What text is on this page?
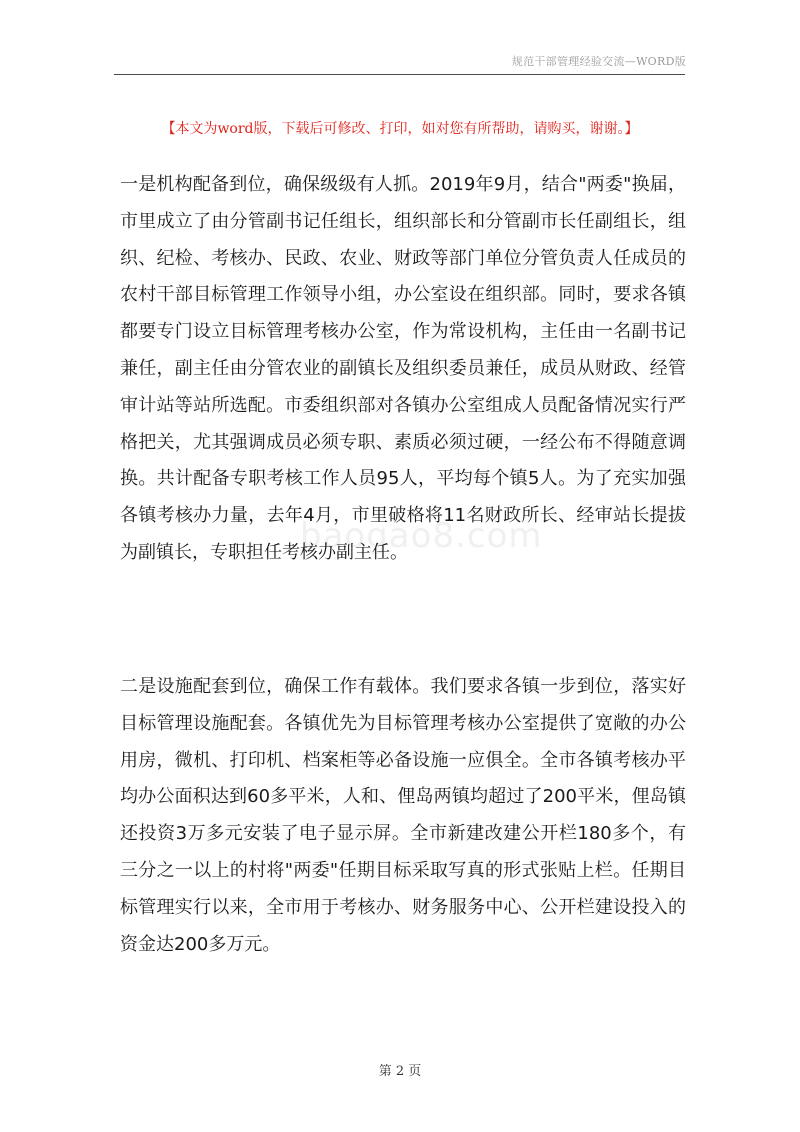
规范干部管理经验交流—WORD版
【本文为word版，下载后可修改、打印，如对您有所帮助，请购买，谢谢。】
baogao8.com

一是机构配备到位，确保级级有人抓。2019年9月，结合"两委"换届，市里成立了由分管副书记任组长，组织部长和分管副市长任副组长，组织、纪检、考核办、民政、农业、财政等部门单位分管负责人任成员的农村干部目标管理工作领导小组，办公室设在组织部。同时，要求各镇都要专门设立目标管理考核办公室，作为常设机构，主任由一名副书记兼任，副主任由分管农业的副镇长及组织委员兼任，成员从财政、经管审计站等站所选配。市委组织部对各镇办公室组成人员配备情况实行严格把关，尤其强调成员必须专职、素质必须过硬，一经公布不得随意调换。共计配备专职考核工作人员95人，平均每个镇5人。为了充实加强各镇考核办力量，去年4月，市里破格将11名财政所长、经审站长提拔为副镇长，专职担任考核办副主任。

二是设施配套到位，确保工作有载体。我们要求各镇一步到位，落实好目标管理设施配套。各镇优先为目标管理考核办公室提供了宽敞的办公用房，微机、打印机、档案柜等必备设施一应俱全。全市各镇考核办平均办公面积达到60多平米，人和、俚岛两镇均超过了200平米，俚岛镇还投资3万多元安装了电子显示屏。全市新建改建公开栏180多个，有三分之一以上的村将"两委"任期目标采取写真的形式张贴上栏。任期目标管理实行以来，全市用于考核办、财务服务中心、公开栏建设投入的资金达200多万元。

第 2 页
